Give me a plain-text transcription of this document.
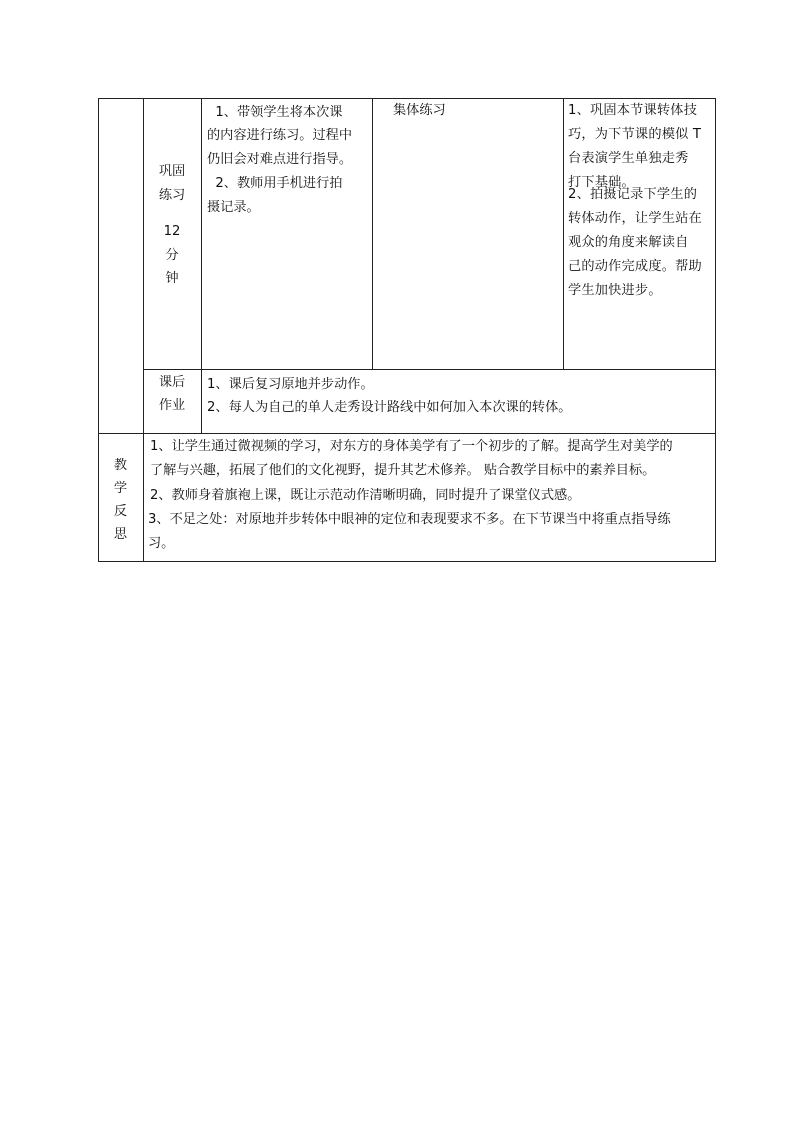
巩固
练习
12
分
钟
1、带领学生将本次课
的内容进行练习。过程中
仍旧会对难点进行指导。
2、教师用手机进行拍
摄记录。
集体练习	1、巩固本节课转体技
巧，为下节课的模似 T
台表演学生单独走秀
打下基础。
2、拍摄记录下学生的
转体动作，让学生站在
观众的角度来解读自
己的动作完成度。帮助
学生加快进步。
课后
作业
1、课后复习原地并步动作。
2、每人为自己的单人走秀设计路线中如何加入本次课的转体。
教
学
反
思
1、让学生通过微视频的学习，对东方的身体美学有了一个初步的了解。提高学生对美学的
了解与兴趣，拓展了他们的文化视野，提升其艺术修养。 贴合教学目标中的素养目标。
2、教师身着旗袍上课，既让示范动作清晰明确，同时提升了课堂仪式感。
3、不足之处：对原地并步转体中眼神的定位和表现要求不多。在下节课当中将重点指导练
习。
